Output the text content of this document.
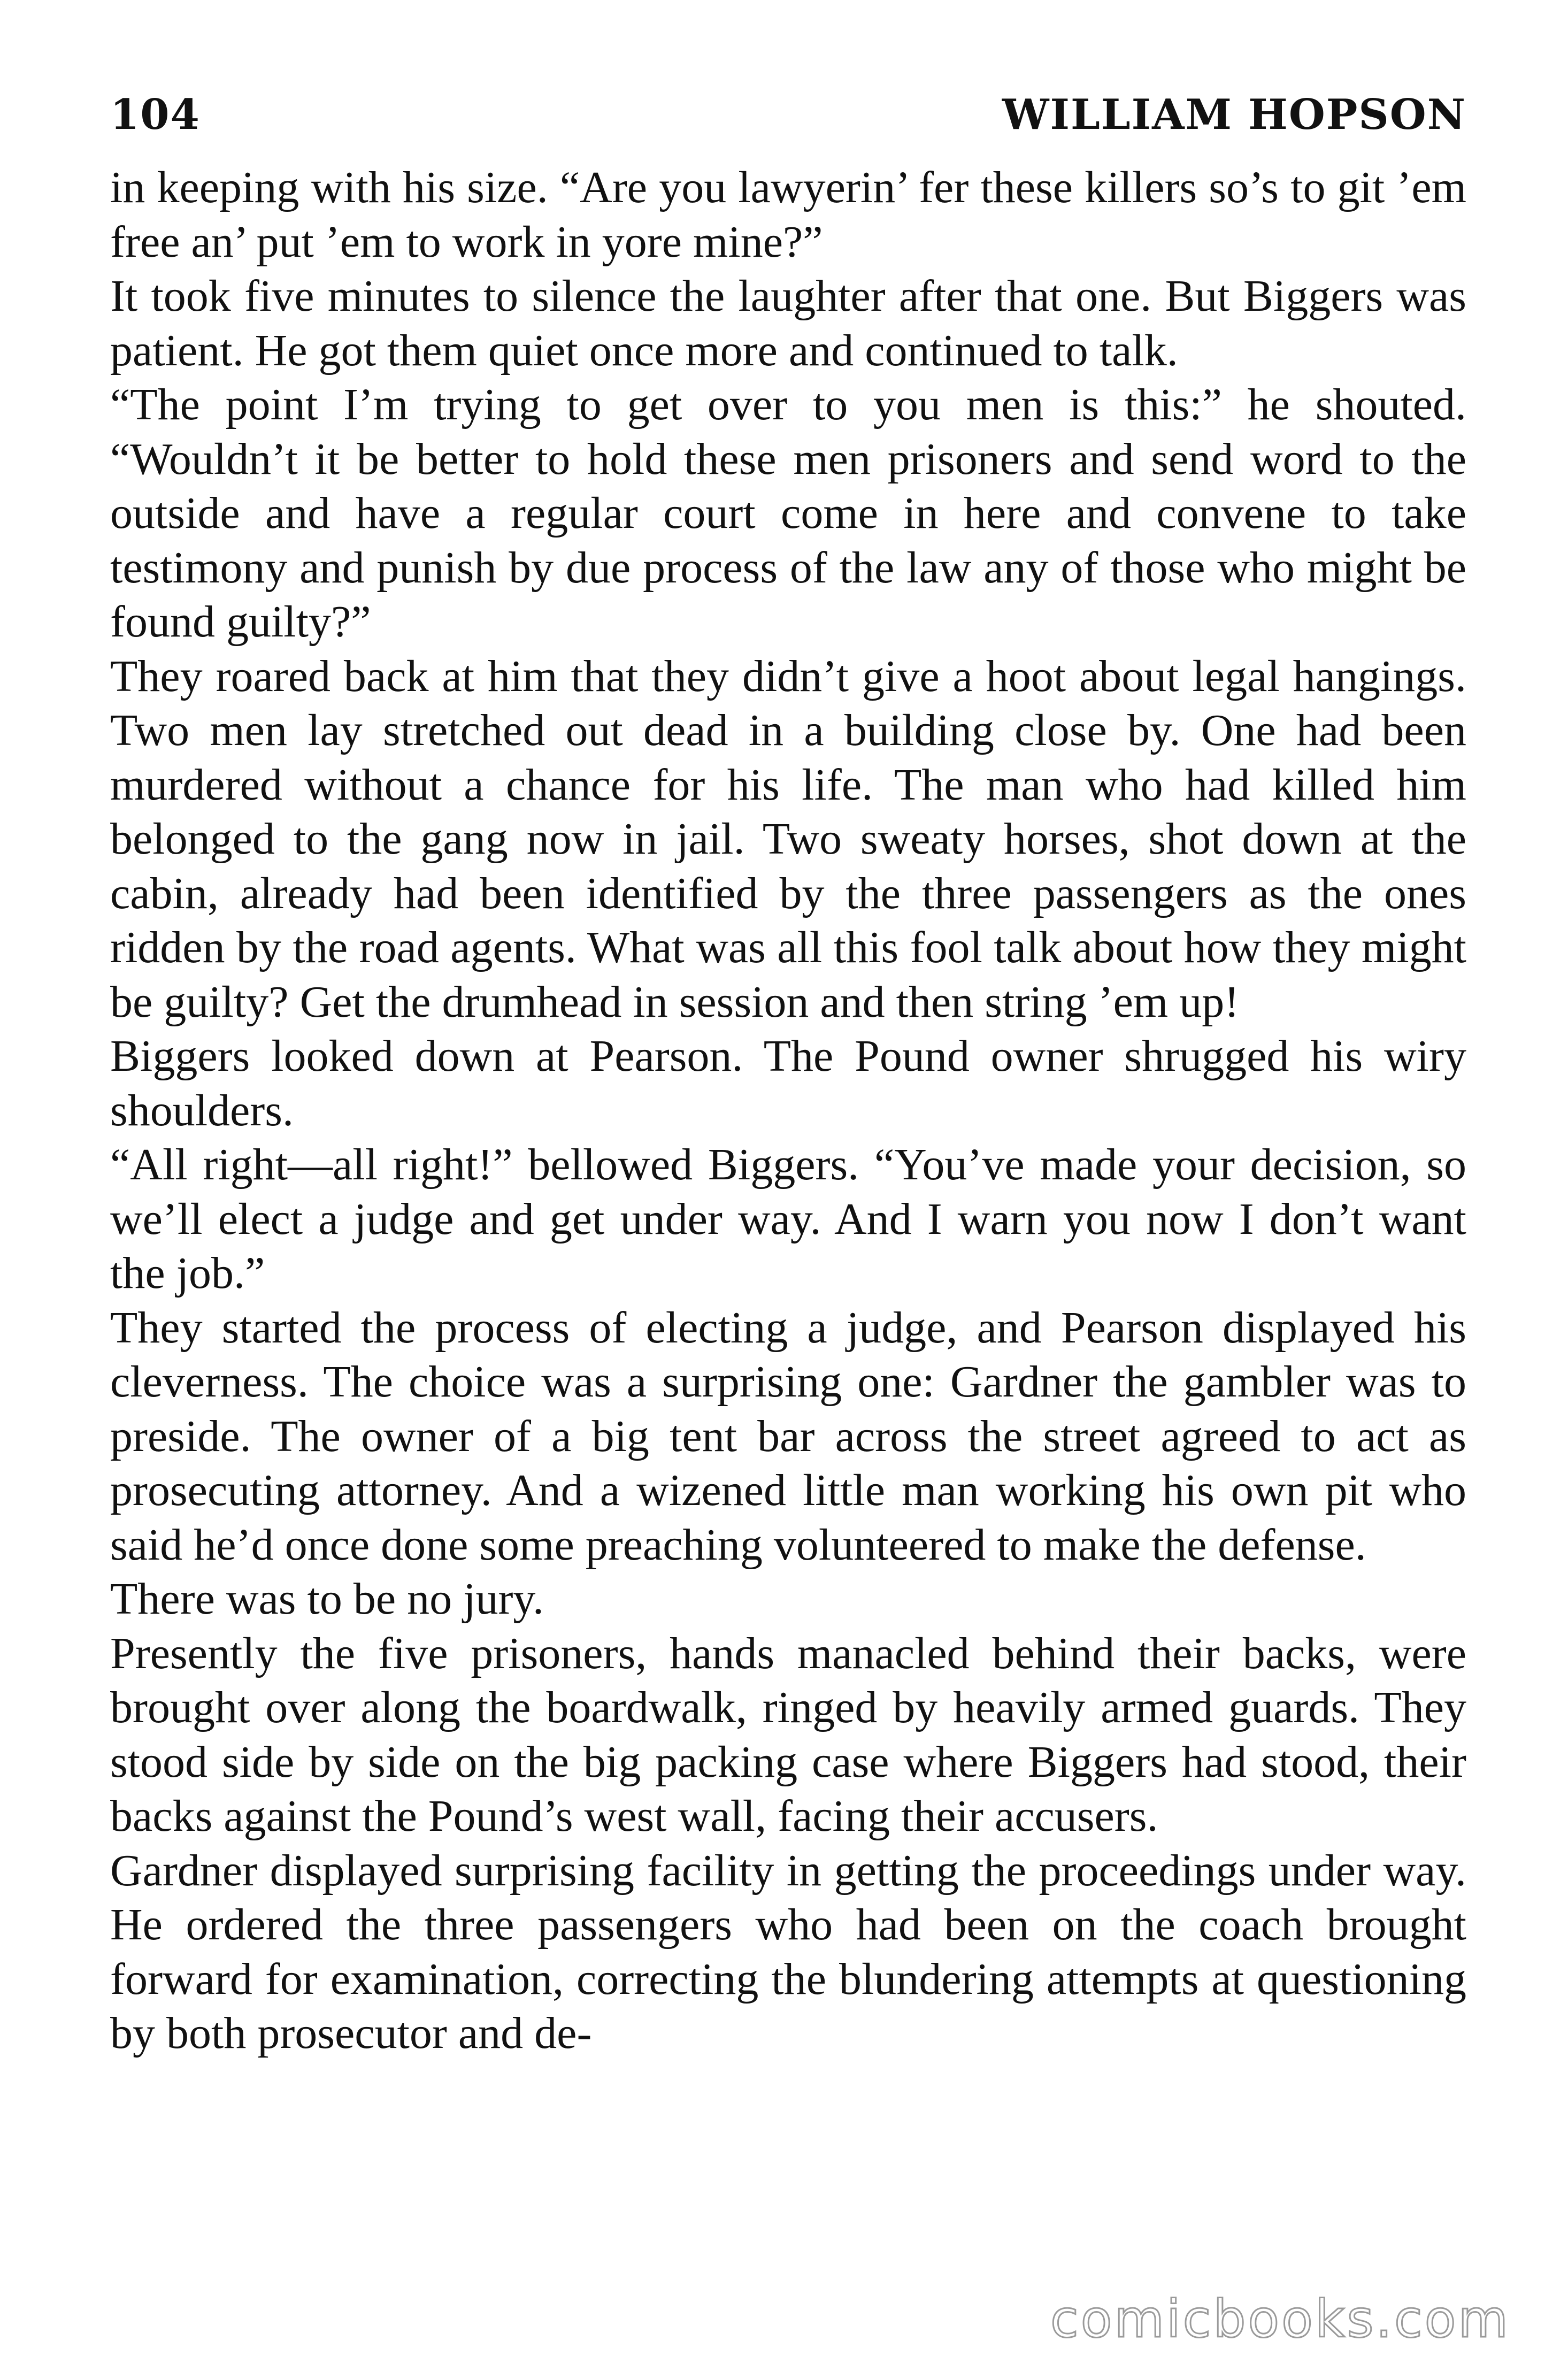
104	WILLIAM HOPSON

in keeping with his size. “Are you lawyerin’ fer these killers so’s to git ’em free an’ put ’em to work in yore mine?”

It took five minutes to silence the laughter after that one. But Biggers was patient. He got them quiet once more and continued to talk.

“The point I’m trying to get over to you men is this:” he shouted. “Wouldn’t it be better to hold these men prisoners and send word to the outside and have a regular court come in here and convene to take testimony and punish by due process of the law any of those who might be found guilty?”

They roared back at him that they didn’t give a hoot about legal hangings. Two men lay stretched out dead in a building close by. One had been murdered without a chance for his life. The man who had killed him belonged to the gang now in jail. Two sweaty horses, shot down at the cabin, already had been identified by the three passengers as the ones ridden by the road agents. What was all this fool talk about how they might be guilty? Get the drumhead in session and then string ’em up!

Biggers looked down at Pearson. The Pound owner shrugged his wiry shoulders.

“All right—all right!” bellowed Biggers. “You’ve made your decision, so we’ll elect a judge and get under way. And I warn you now I don’t want the job.”

They started the process of electing a judge, and Pearson displayed his cleverness. The choice was a surprising one: Gardner the gambler was to preside. The owner of a big tent bar across the street agreed to act as prosecuting attorney. And a wizened little man working his own pit who said he’d once done some preaching volunteered to make the defense.

There was to be no jury.

Presently the five prisoners, hands manacled behind their backs, were brought over along the boardwalk, ringed by heavily armed guards. They stood side by side on the big packing case where Biggers had stood, their backs against the Pound’s west wall, facing their accusers.

Gardner displayed surprising facility in getting the proceedings under way. He ordered the three passengers who had been on the coach brought forward for examination, correcting the blundering attempts at questioning by both prosecutor and de-

comicbooks.com
